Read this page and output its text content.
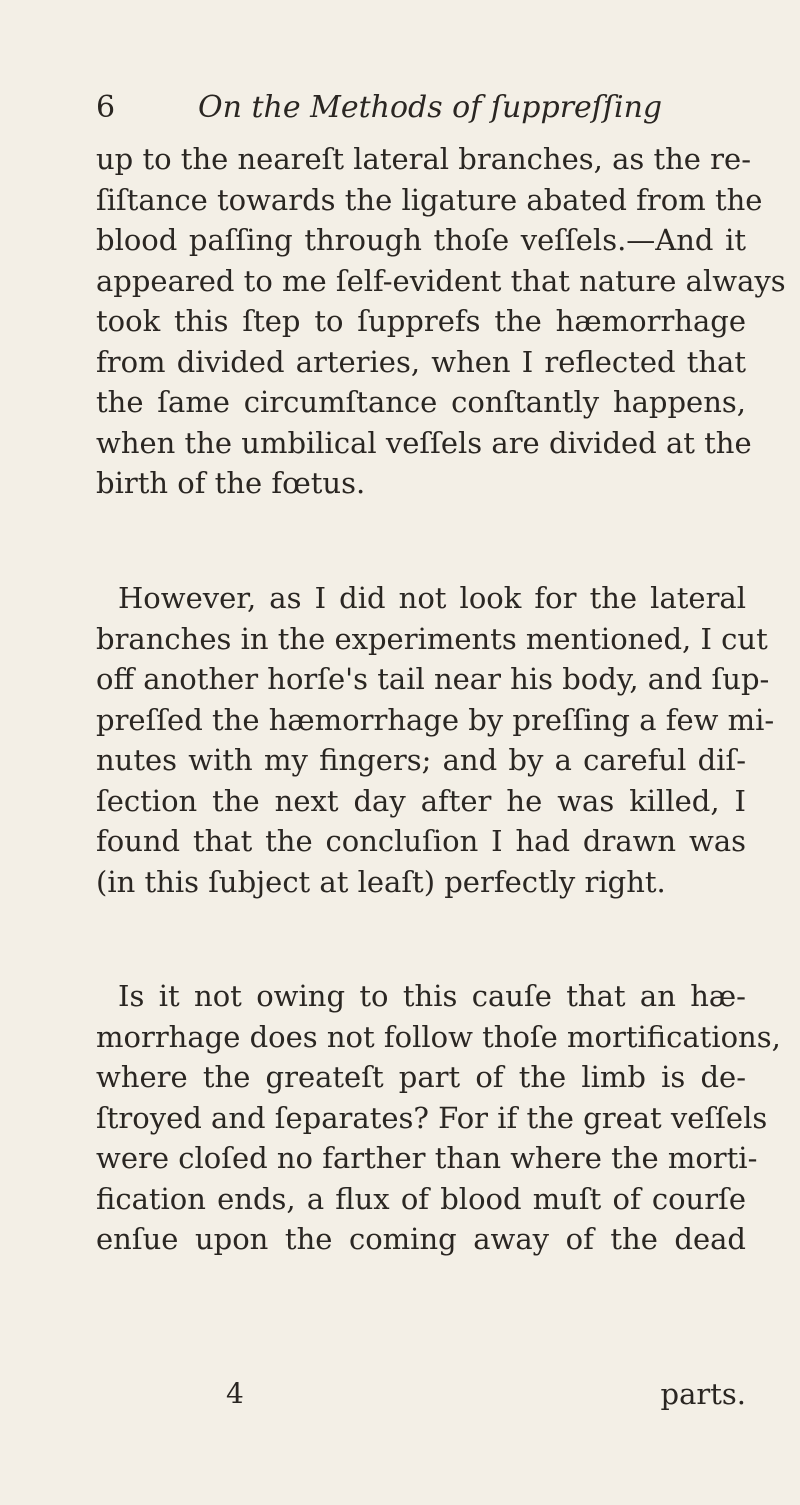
6	On the Methods of ſuppreſſing
up to the neareſt lateral branches, as the re-
ſiſtance towards the ligature abated from the
blood paſſing through thoſe veſſels.—And it
appeared to me ſelf-evident that nature always
took this ſtep to ſupprefs the hæmorrhage
from divided arteries, when I reflected that
the ſame circumſtance conſtantly happens,
when the umbilical veſſels are divided at the
birth of the fœtus.
However, as I did not look for the lateral
branches in the experiments mentioned, I cut
off another horſe's tail near his body, and ſup-
preſſed the hæmorrhage by preſſing a few mi-
nutes with my fingers; and by a careful diſ-
ſection the next day after he was killed, I
found that the concluſion I had drawn was
(in this ſubject at leaſt) perfectly right.
Is it not owing to this cauſe that an hæ-
morrhage does not follow thoſe mortifications,
where the greateſt part of the limb is de-
ſtroyed and ſeparates? For if the great veſſels
were cloſed no farther than where the morti-
fication ends, a flux of blood muſt of courſe
enſue upon the coming away of the dead
4	parts.
